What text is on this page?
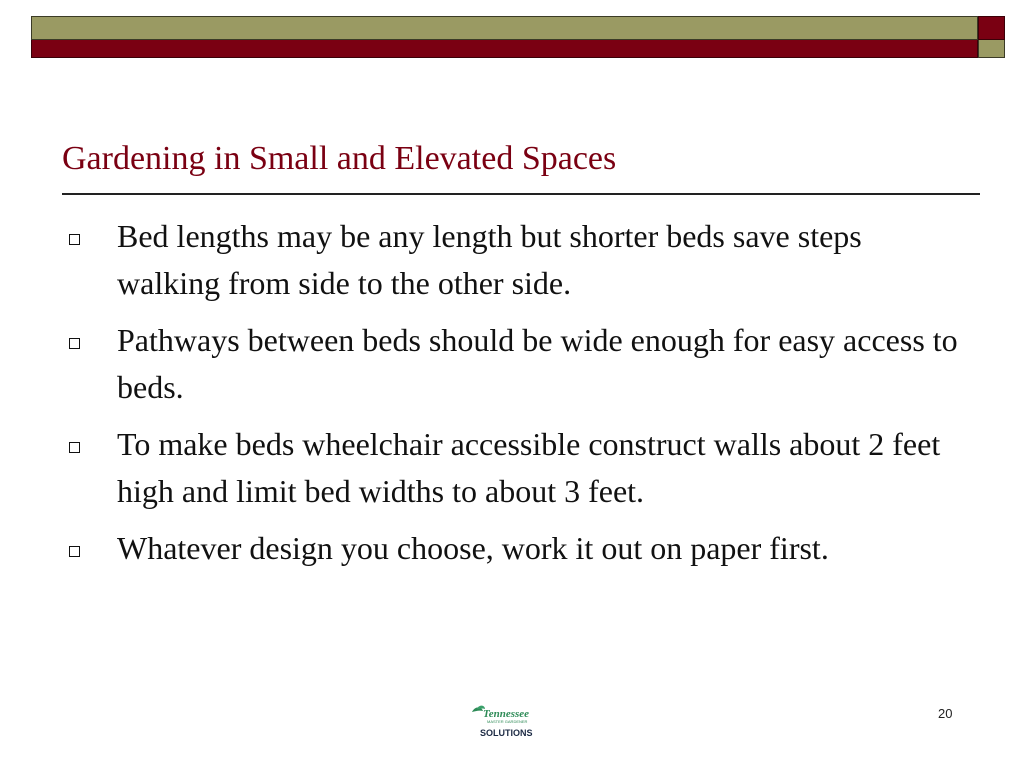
Gardening in Small and Elevated Spaces
Bed lengths may be any length but shorter beds save steps walking from side to the other side.
Pathways between beds should be wide enough for easy access to beds.
To make beds wheelchair accessible construct walls about 2 feet high and limit bed widths to about 3 feet.
Whatever design you choose, work it out on paper first.
Tennessee
MASTER GARDENER
SOLUTIONS
20
